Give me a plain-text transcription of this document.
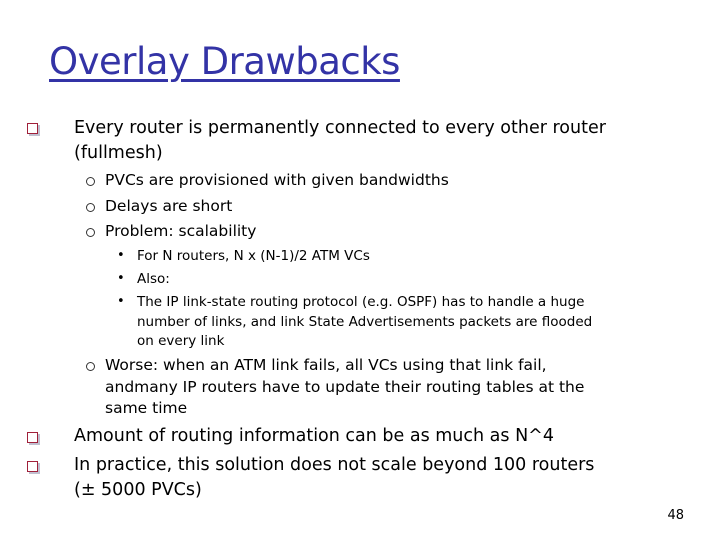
Overlay Drawbacks
Every router is permanently connected to every other router
(fullmesh)
PVCs are provisioned with given bandwidths
Delays are short
Problem: scalability
• For N routers, N x (N-1)/2 ATM VCs
• Also:
• The IP link-state routing protocol (e.g. OSPF) has to handle a huge
number of links, and link State Advertisements packets are flooded
on every link
Worse: when an ATM link fails, all VCs using that link fail,
andmany IP routers have to update their routing tables at the
same time
Amount of routing information can be as much as N^4
In practice, this solution does not scale beyond 100 routers
(± 5000 PVCs)
48
